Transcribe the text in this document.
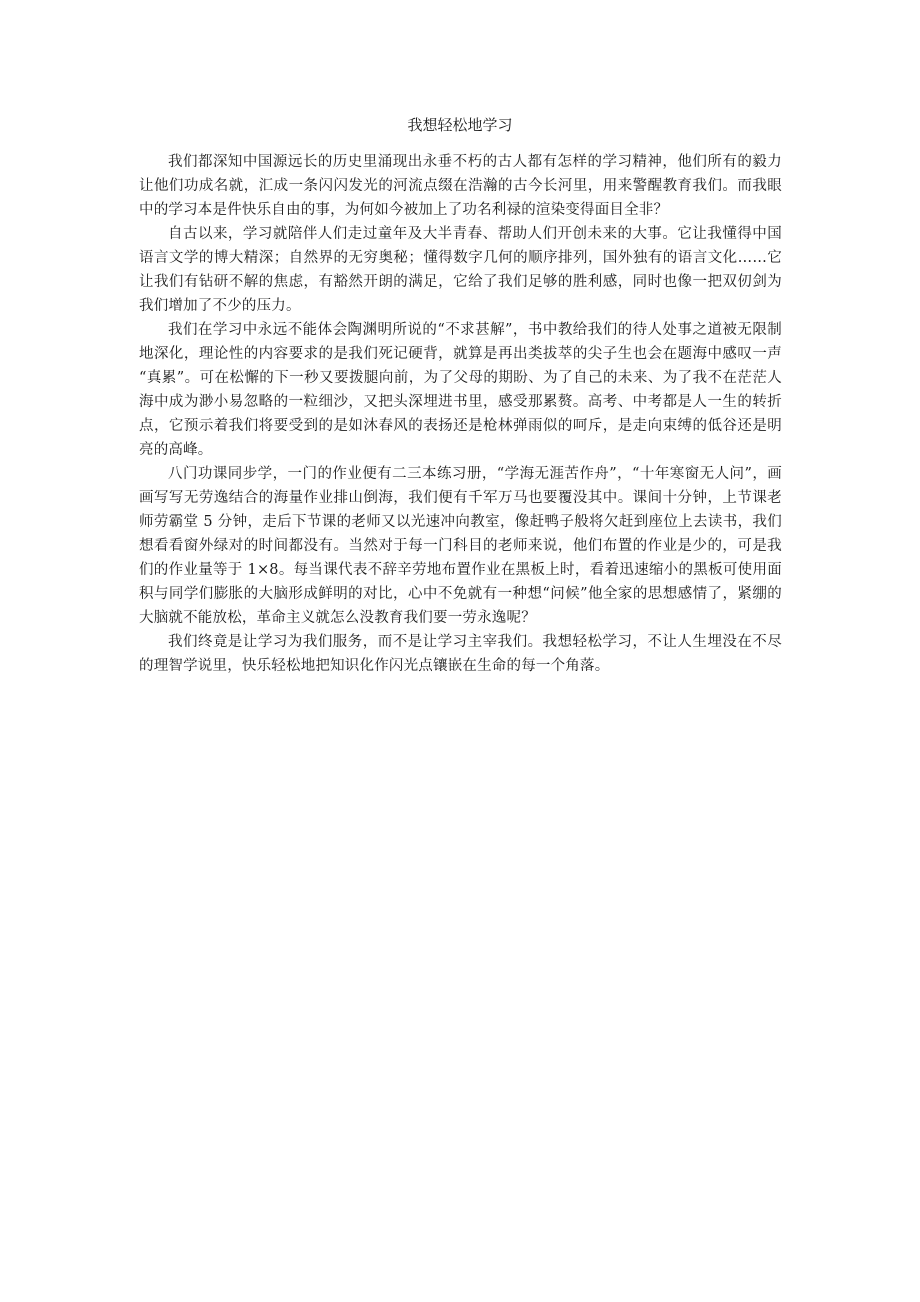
我想轻松地学习

我们都深知中国源远长的历史里涌现出永垂不朽的古人都有怎样的学习精神，他们所有的毅力让他们功成名就，汇成一条闪闪发光的河流点缀在浩瀚的古今长河里，用来警醒教育我们。而我眼中的学习本是件快乐自由的事，为何如今被加上了功名利禄的渲染变得面目全非？

自古以来，学习就陪伴人们走过童年及大半青春、帮助人们开创未来的大事。它让我懂得中国语言文学的博大精深；自然界的无穷奥秘；懂得数字几何的顺序排列，国外独有的语言文化……它让我们有钻研不解的焦虑，有豁然开朗的满足，它给了我们足够的胜利感，同时也像一把双仞剑为我们增加了不少的压力。

我们在学习中永远不能体会陶渊明所说的“不求甚解”，书中教给我们的待人处事之道被无限制地深化，理论性的内容要求的是我们死记硬背，就算是再出类拔萃的尖子生也会在题海中感叹一声 “真累”。可在松懈的下一秒又要拨腿向前，为了父母的期盼、为了自己的未来、为了我不在茫茫人海中成为渺小易忽略的一粒细沙，又把头深埋进书里，感受那累赘。高考、中考都是人一生的转折点，它预示着我们将要受到的是如沐春风的表扬还是枪林弹雨似的呵斥，是走向束缚的低谷还是明亮的高峰。

八门功课同步学，一门的作业便有二三本练习册，“学海无涯苦作舟”，“十年寒窗无人问”，画画写写无劳逸结合的海量作业排山倒海，我们便有千军万马也要覆没其中。课间十分钟，上节课老师劳霸堂 5 分钟，走后下节课的老师又以光速冲向教室，像赶鸭子般将欠赶到座位上去读书，我们想看看窗外绿对的时间都没有。当然对于每一门科目的老师来说，他们布置的作业是少的，可是我们的作业量等于 1×8。每当课代表不辞辛劳地布置作业在黑板上时，看着迅速缩小的黑板可使用面积与同学们膨胀的大脑形成鲜明的对比，心中不免就有一种想“问候”他全家的思想感情了，紧绷的大脑就不能放松，革命主义就怎么没教育我们要一劳永逸呢？

我们终竟是让学习为我们服务，而不是让学习主宰我们。我想轻松学习，不让人生埋没在不尽的理智学说里，快乐轻松地把知识化作闪光点镶嵌在生命的每一个角落。
